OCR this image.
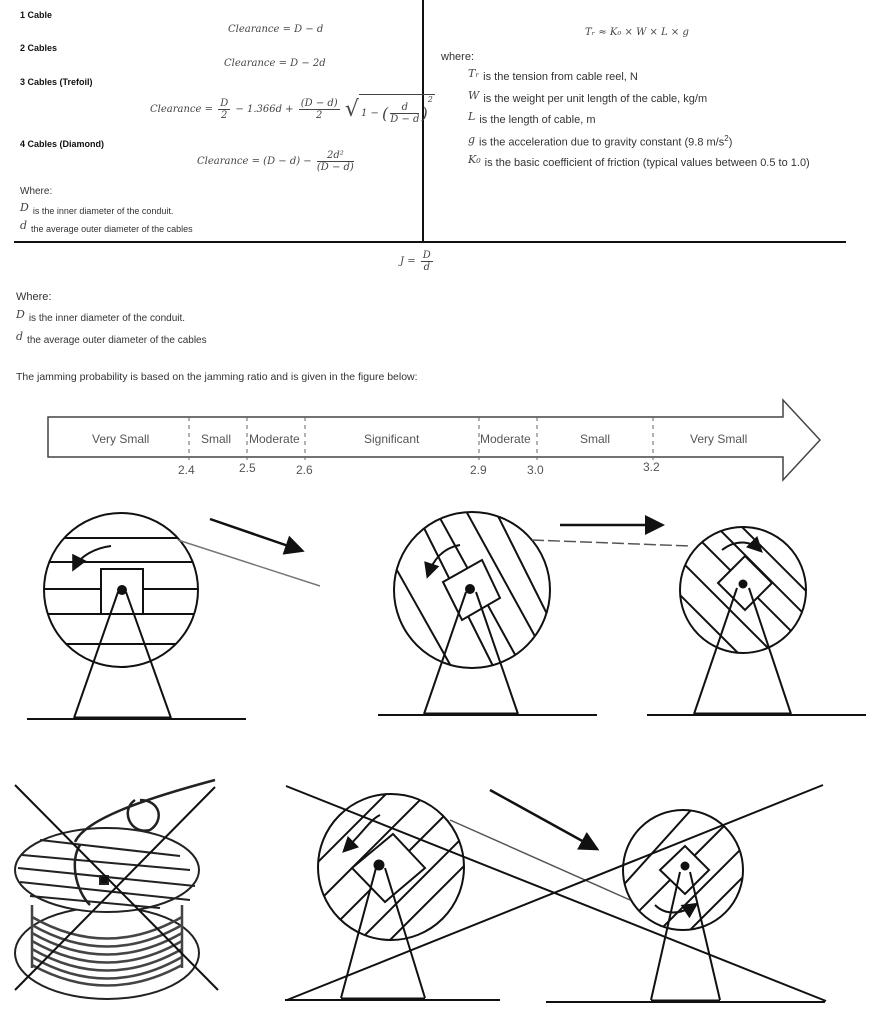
1 Cable
Clearance = D − d
2 Cables
Clearance = D − 2d
3 Cables (Trefoil)
Clearance = $\frac{D}{2} - 1.366d + \frac{(D - d)}{2}$ √ 1 − ( $\frac{d}{D - d} )^2$
4 Cables (Diamond)
Clearance = $(D - d) - \frac{\text{2d²}}{(D - d)}$
Where:
D is the inner diameter of the conduit.
d the average outer diameter of the cables
Tᵣ ≈ K₀ × W × L × g
where:
Tᵣ is the tension from cable reel, N
W is the weight per unit length of the cable, kg/m
L is the length of cable, m
g is the acceleration due to gravity constant (9.8 $m/s^2$)
K₀ is the basic coefficient of friction (typical values between 0.5 to 1.0)
$J = \frac{D}{d}$
Where:
D is the inner diameter of the conduit.
d the average outer diameter of the cables
The jamming probability is based on the jamming ratio and is given in the figure below:
Very Small	Small Moderate	Significant	Moderate	Small	Very Small
2.4	2.5	2.6	2.9	3.0	3.2
